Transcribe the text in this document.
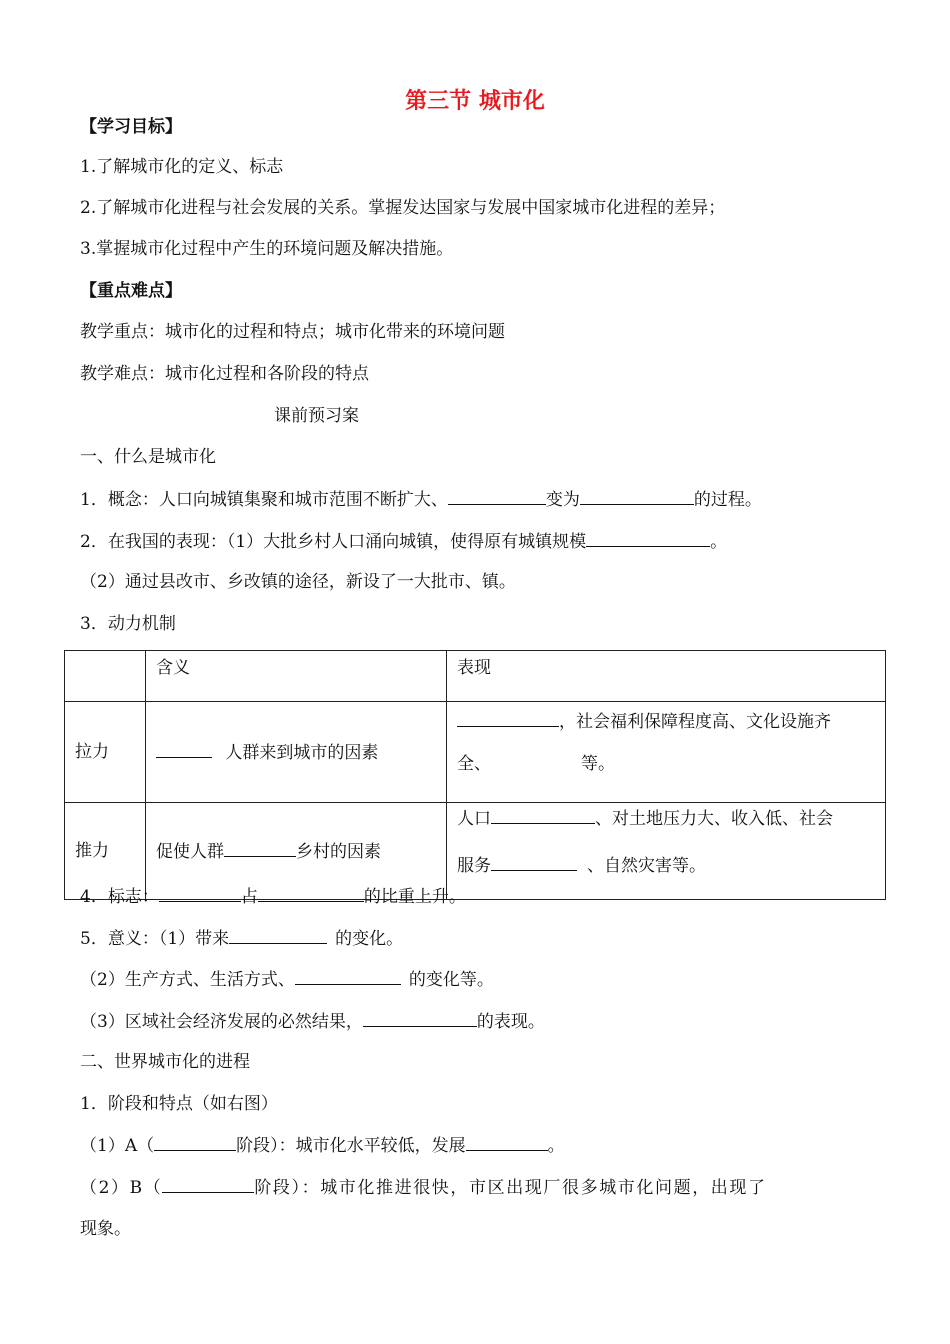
第三节 城市化
【学习目标】
1.了解城市化的定义、标志
2.了解城市化进程与社会发展的关系。掌握发达国家与发展中国家城市化进程的差异；
3.掌握城市化过程中产生的环境问题及解决措施。
【重点难点】
教学重点：城市化的过程和特点；城市化带来的环境问题
教学难点：城市化过程和各阶段的特点
课前预习案
一、什么是城市化
1．概念：人口向城镇集聚和城市范围不断扩大、	变为	的过程。
2．在我国的表现：（1）大批乡村人口涌向城镇，使得原有城镇规模	。
（2）通过县改市、乡改镇的途径，新设了一大批市、镇。
3．动力机制
	含义	表现
拉力	人群来到城市的因素	，社会福利保障程度高、文化设施齐

全、 等。

推力	促使人群 乡村的因素	人口 、对土地压力大、收入低、社会

服务 、自然灾害等。

4．标志：	占	的比重上升。
5．意义：（1）带来	的变化。
（2）生产方式、生活方式、	的变化等。
（3）区域社会经济发展的必然结果，	的表现。
二、世界城市化的进程
1．阶段和特点（如右图）
（1）A（	阶段）：城市化水平较低，发展	。
（2）B（	阶段）：城市化推进很快，市区出现厂很多城市化问题，出现了
现象。
